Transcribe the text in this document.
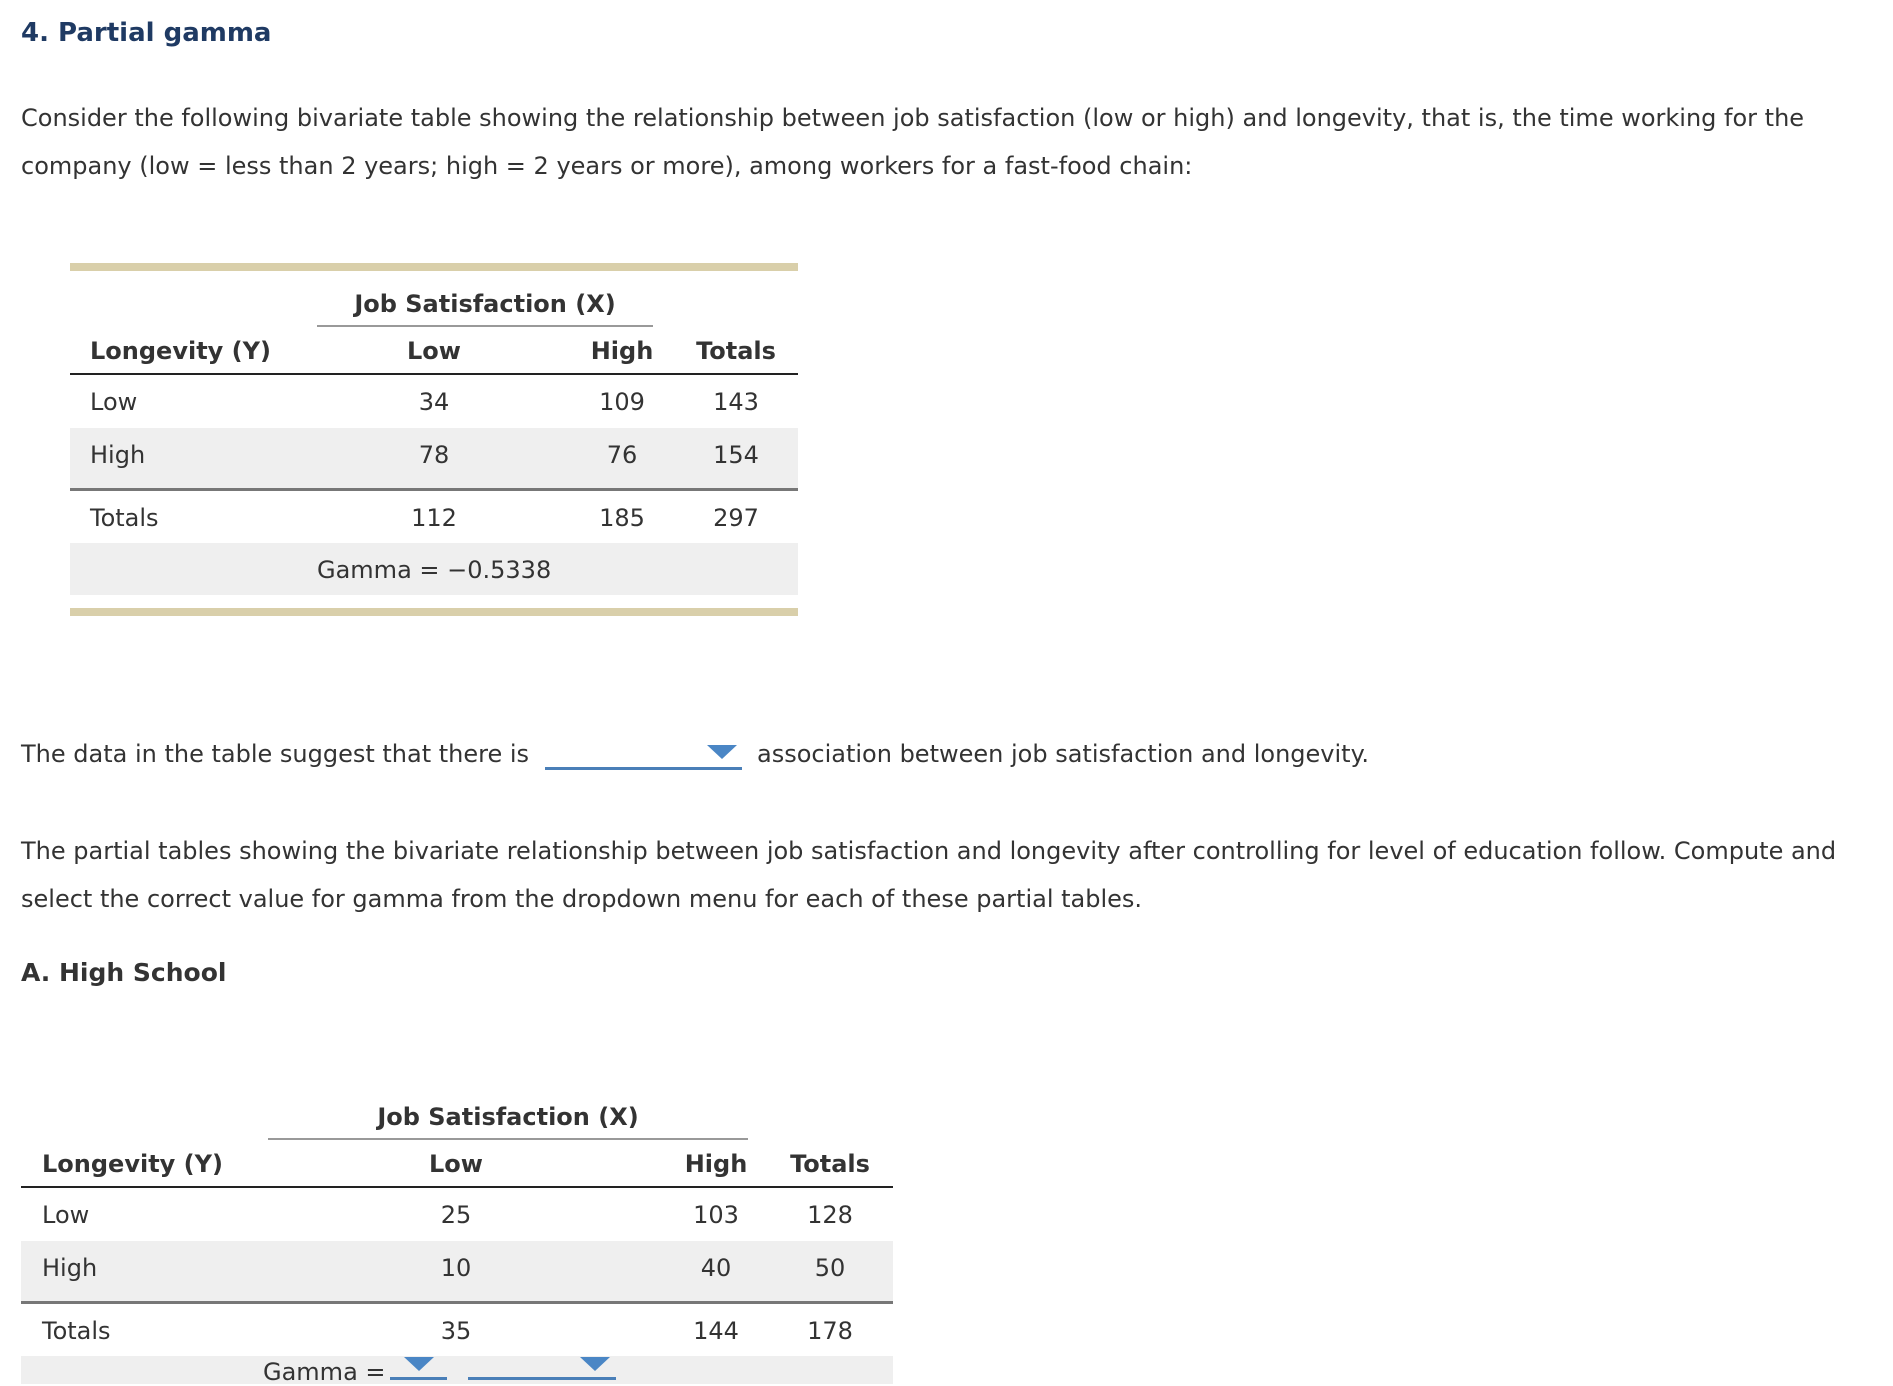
4. Partial gamma
Consider the following bivariate table showing the relationship between job satisfaction (low or high) and longevity, that is, the time working for the company (low = less than 2 years; high = 2 years or more), among workers for a fast-food chain:
Job Satisfaction (X)
Longevity (Y)	Low	High	Totals
Low	34	109	143
High	78	76	154
Totals	112	185	297
Gamma = −0.5338
The data in the table suggest that there is	association between job satisfaction and longevity.
The partial tables showing the bivariate relationship between job satisfaction and longevity after controlling for level of education follow. Compute and select the correct value for gamma from the dropdown menu for each of these partial tables.
A. High School
Job Satisfaction (X)
Longevity (Y)	Low	High	Totals
Low	25	103	128
High	10	40	50
Totals	35	144	178
Gamma =
